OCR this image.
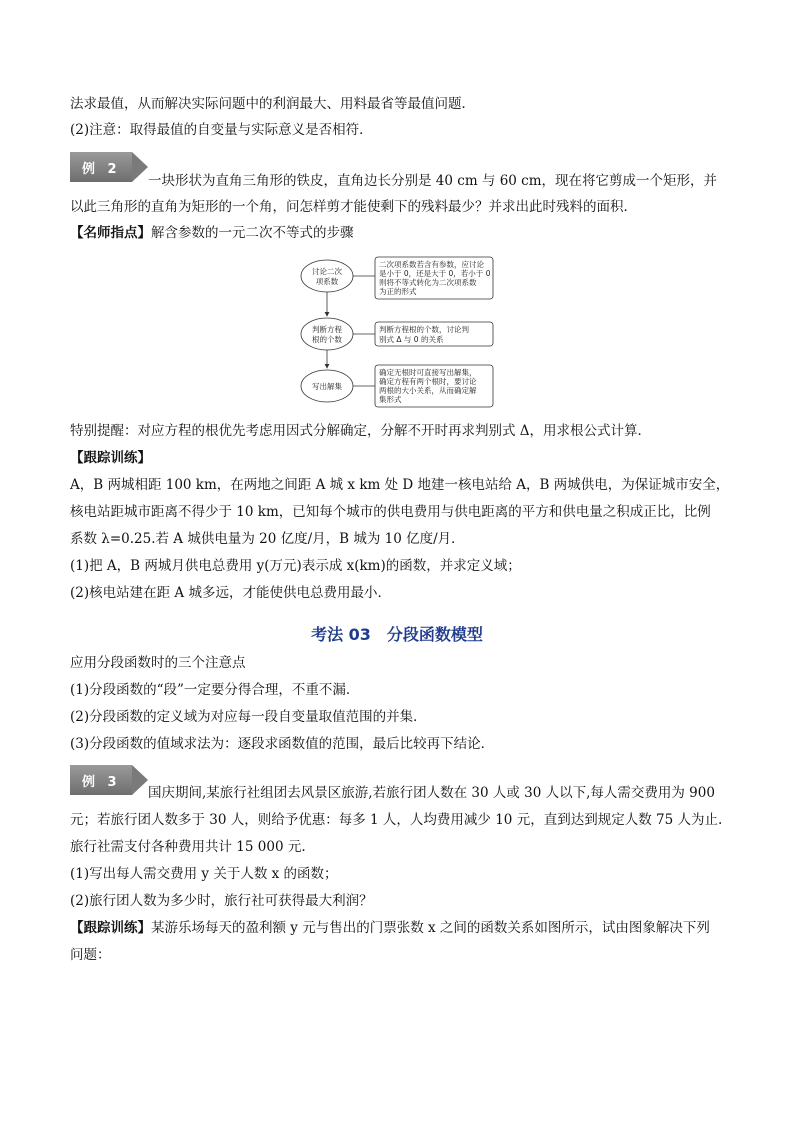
法求最值，从而解决实际问题中的利润最大、用料最省等最值问题．
(2)注意：取得最值的自变量与实际意义是否相符．
例 2
一块形状为直角三角形的铁皮，直角边长分别是 40 cm 与 60 cm，现在将它剪成一个矩形，并
以此三角形的直角为矩形的一个角，问怎样剪才能使剩下的残料最少？并求出此时残料的面积．
【名师指点】解含参数的一元二次不等式的步骤
讨论二次
项系数
判断方程
根的个数
写出解集
二次项系数若含有参数，应讨论
是小于 0，还是大于 0，若小于 0
则将不等式转化为二次项系数
为正的形式
判断方程根的个数，讨论判
别式 Δ 与 0 的关系
确定无根时可直接写出解集，
确定方程有两个根时，要讨论
两根的大小关系，从而确定解
集形式
特别提醒：对应方程的根优先考虑用因式分解确定，分解不开时再求判别式 Δ，用求根公式计算．
【跟踪训练】
A，B 两城相距 100 km，在两地之间距 A 城 x km 处 D 地建一核电站给 A，B 两城供电，为保证城市安全，
核电站距城市距离不得少于 10 km，已知每个城市的供电费用与供电距离的平方和供电量之积成正比，比例
系数 λ=0.25.若 A 城供电量为 20 亿度/月，B 城为 10 亿度/月．
(1)把 A，B 两城月供电总费用 y(万元)表示成 x(km)的函数，并求定义域；
(2)核电站建在距 A 城多远，才能使供电总费用最小．
考法 03　分段函数模型
应用分段函数时的三个注意点
(1)分段函数的“段”一定要分得合理，不重不漏．
(2)分段函数的定义域为对应每一段自变量取值范围的并集．
(3)分段函数的值域求法为：逐段求函数值的范围，最后比较再下结论．
例 3
国庆期间,某旅行社组团去风景区旅游,若旅行团人数在 30 人或 30 人以下,每人需交费用为 900
元；若旅行团人数多于 30 人，则给予优惠：每多 1 人，人均费用减少 10 元，直到达到规定人数 75 人为止.
旅行社需支付各种费用共计 15 000 元.
(1)写出每人需交费用 y 关于人数 x 的函数；
(2)旅行团人数为多少时，旅行社可获得最大利润？
【跟踪训练】某游乐场每天的盈利额 y 元与售出的门票张数 x 之间的函数关系如图所示，试由图象解决下列
问题：
